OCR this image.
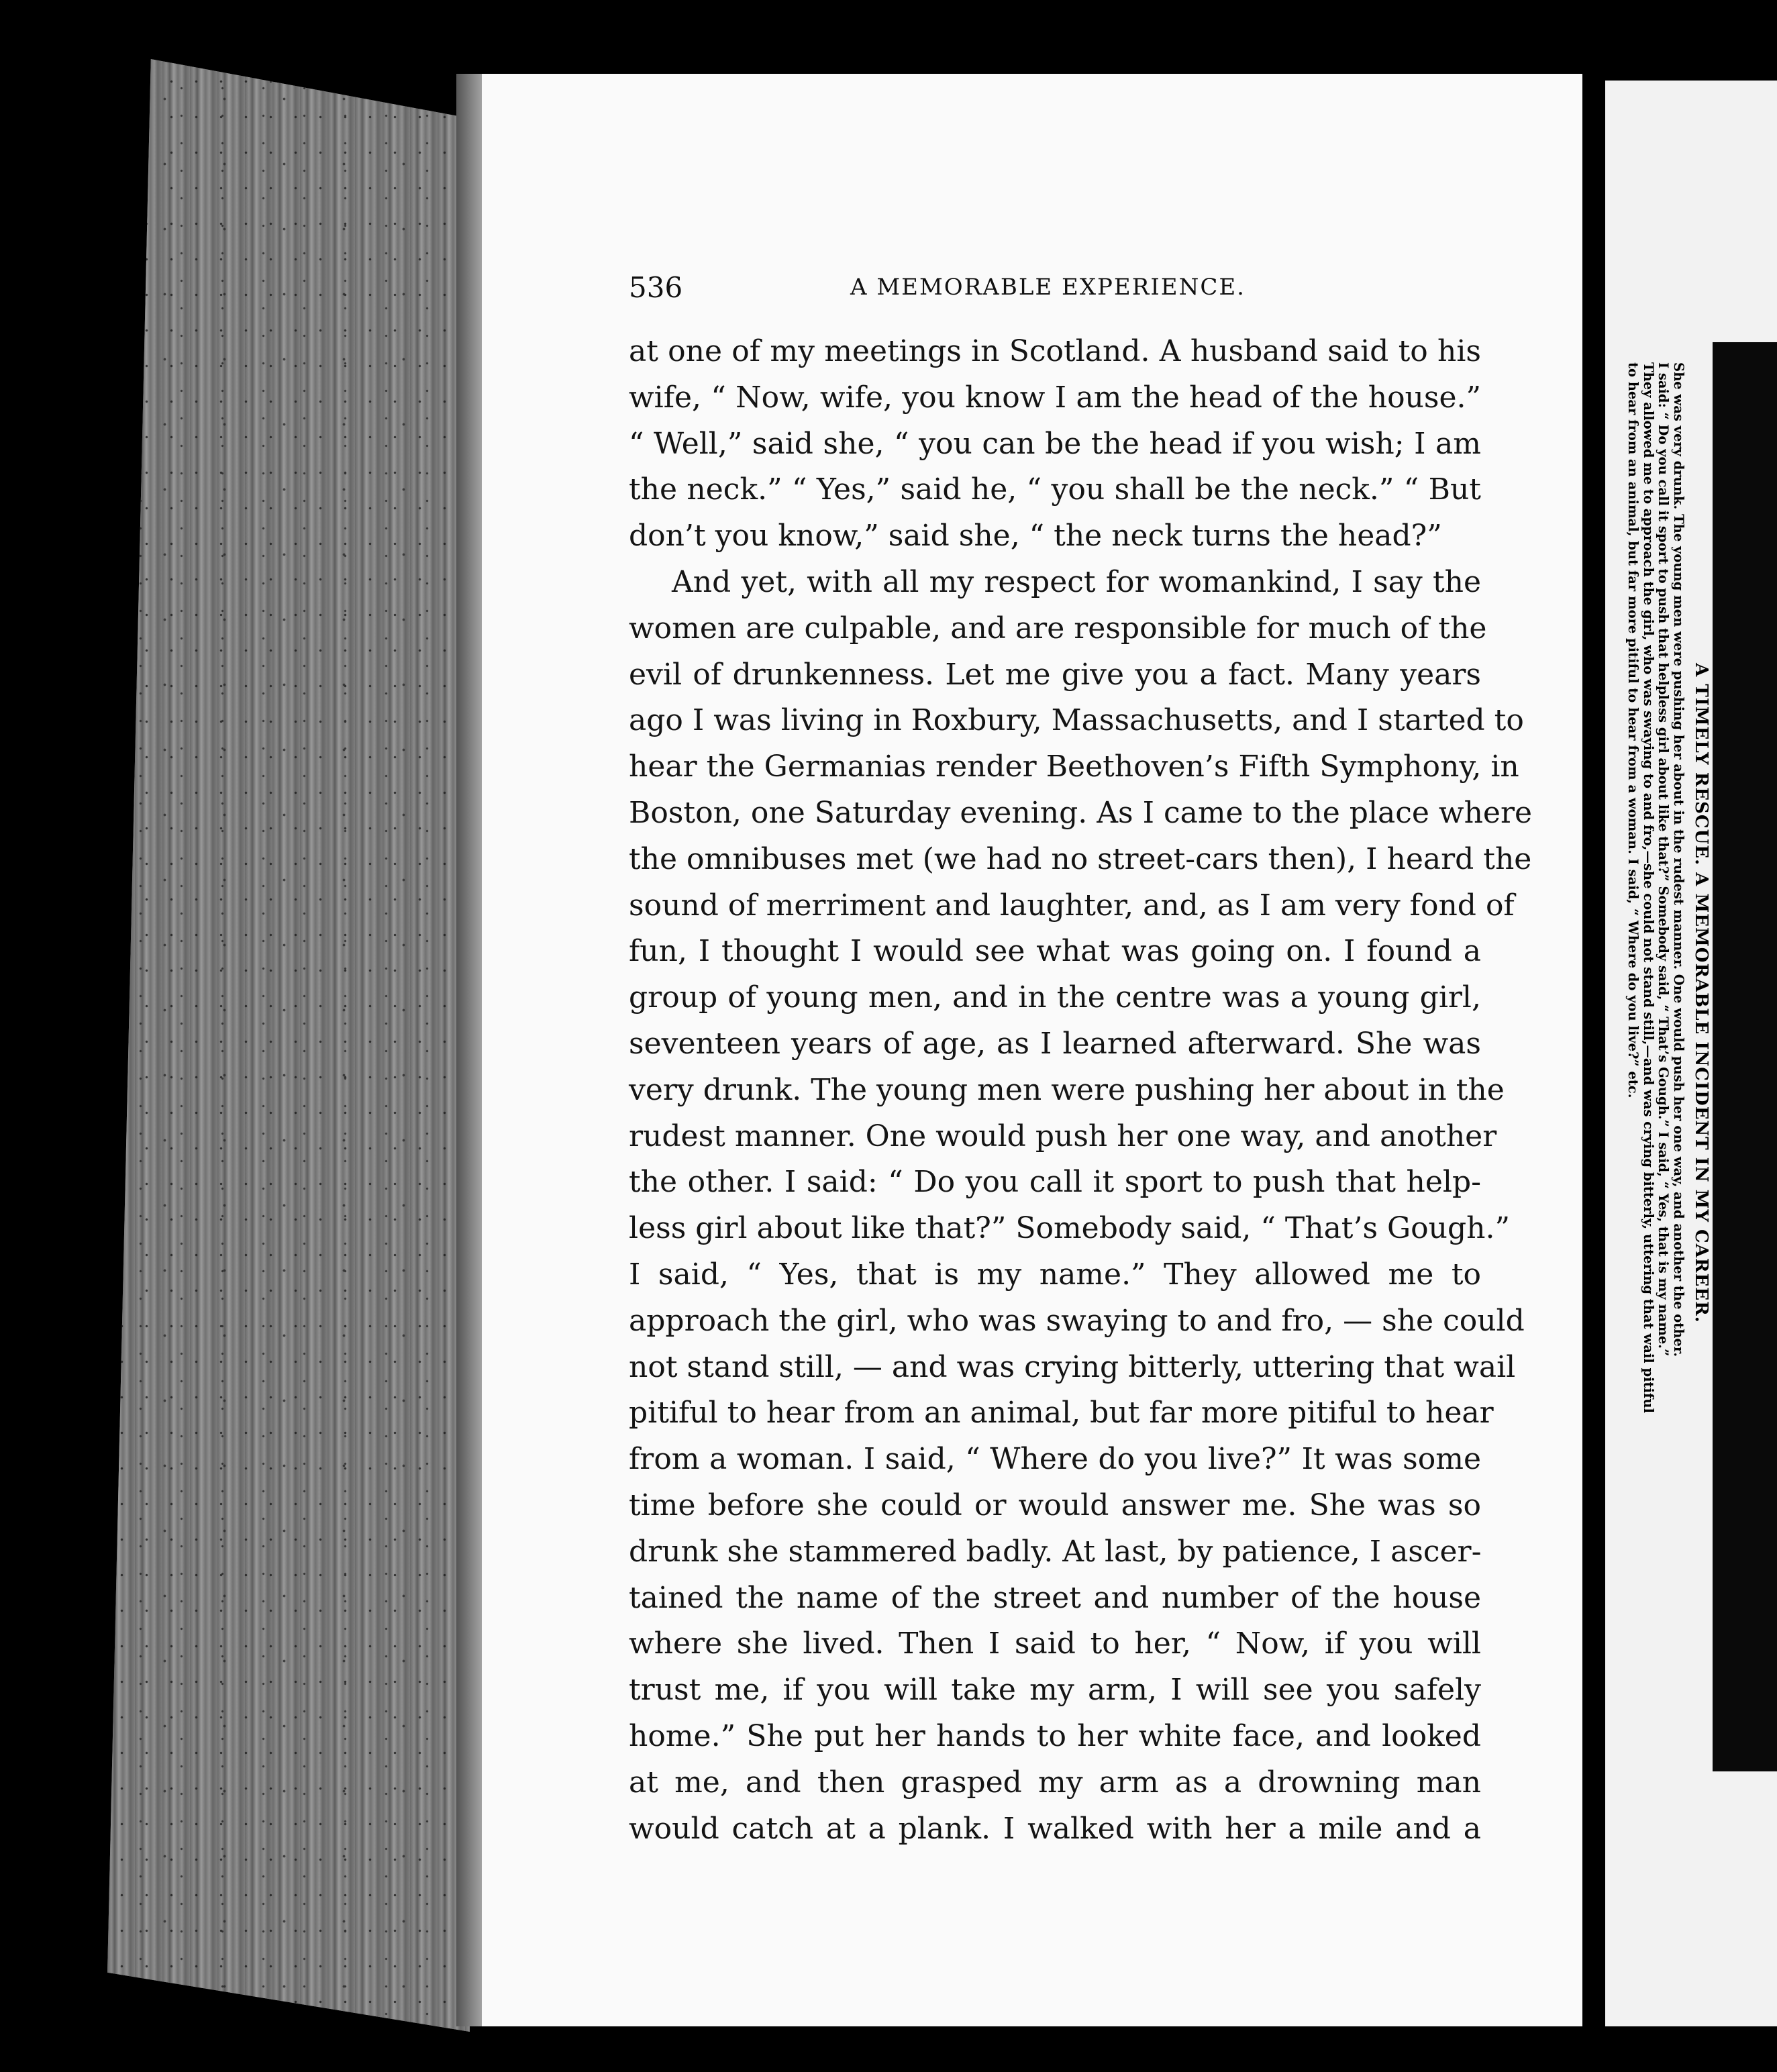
536	A MEMORABLE EXPERIENCE.
at one of my meetings in Scotland. A husband said to his
wife, “ Now, wife, you know I am the head of the house.”
“ Well,” said she, “ you can be the head if you wish; I am
the neck.” “ Yes,” said he, “ you shall be the neck.” “ But
don’t you know,” said she, “ the neck turns the head?”
And yet, with all my respect for womankind, I say the
women are culpable, and are responsible for much of the
evil of drunkenness. Let me give you a fact. Many years
ago I was living in Roxbury, Massachusetts, and I started to
hear the Germanias render Beethoven’s Fifth Symphony, in
Boston, one Saturday evening. As I came to the place where
the omnibuses met (we had no street-cars then), I heard the
sound of merriment and laughter, and, as I am very fond of
fun, I thought I would see what was going on. I found a
group of young men, and in the centre was a young girl,
seventeen years of age, as I learned afterward. She was
very drunk. The young men were pushing her about in the
rudest manner. One would push her one way, and another
the other. I said: “ Do you call it sport to push that help-
less girl about like that?” Somebody said, “ That’s Gough.”
I said, “ Yes, that is my name.” They allowed me to
approach the girl, who was swaying to and fro, — she could
not stand still, — and was crying bitterly, uttering that wail
pitiful to hear from an animal, but far more pitiful to hear
from a woman. I said, “ Where do you live?” It was some
time before she could or would answer me. She was so
drunk she stammered badly. At last, by patience, I ascer-
tained the name of the street and number of the house
where she lived. Then I said to her, “ Now, if you will
trust me, if you will take my arm, I will see you safely
home.” She put her hands to her white face, and looked
at me, and then grasped my arm as a drowning man
would catch at a plank. I walked with her a mile and a
A TIMELY RESCUE. A MEMORABLE INCIDENT IN MY CAREER.
She was very drunk. The young men were pushing her about in the rudest manner. One would push her one way, and another the other.
I said: “ Do you call it sport to push that helpless girl about like that?” Somebody said, “ That’s Gough.” I said, “ Yes, that is my name.”
They allowed me to approach the girl, who was swaying to and fro,—she could not stand still,—and was crying bitterly, uttering that wail pitiful
to hear from an animal, but far more pitiful to hear from a woman. I said, “ Where do you live?” etc.
